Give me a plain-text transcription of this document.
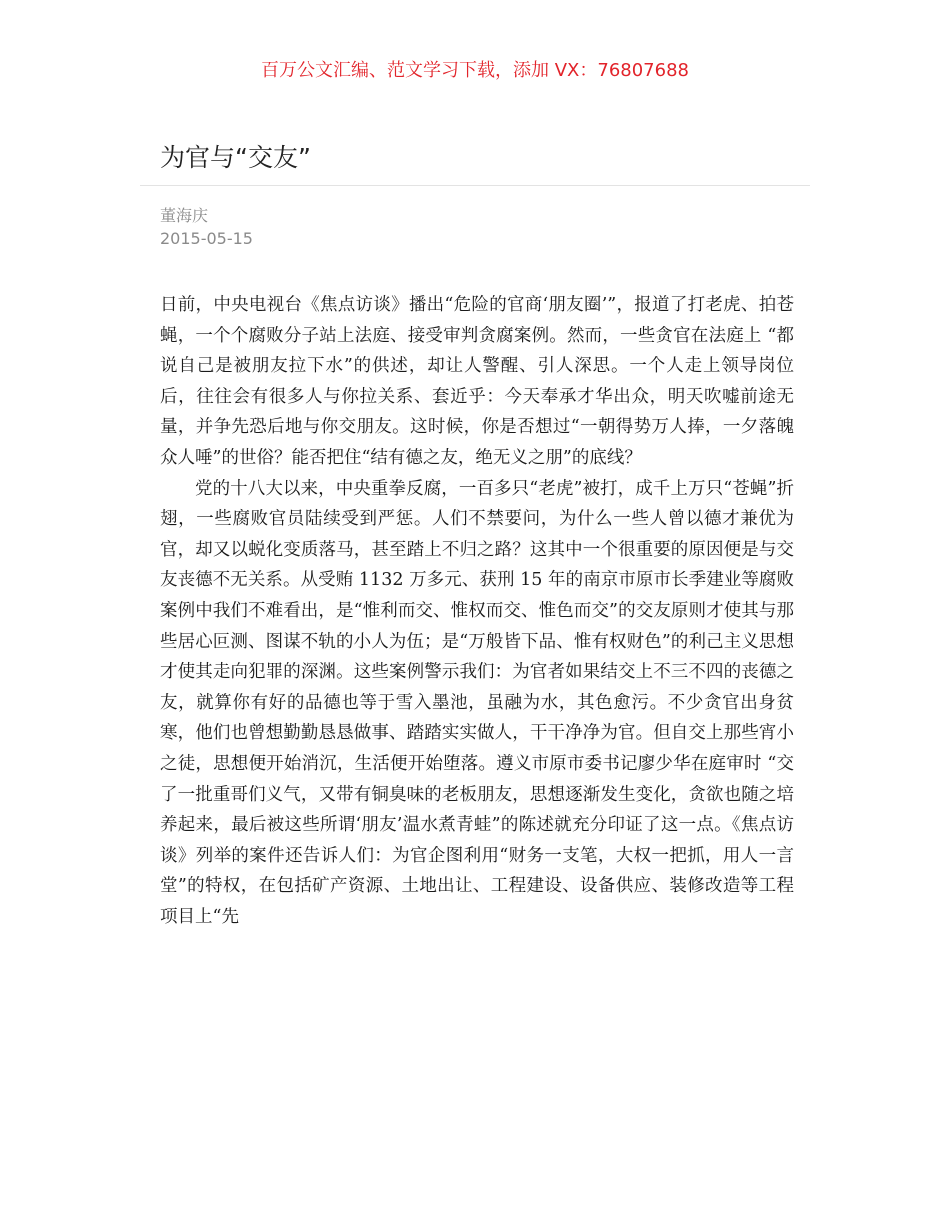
百万公文汇编、范文学习下载，添加 VX：76807688
为官与“交友”
董海庆
2015-05-15

日前，中央电视台《焦点访谈》播出“危险的官商‘朋友圈’”，报道了打老虎、拍苍蝇，一个个腐败分子站上法庭、接受审判贪腐案例。然而，一些贪官在法庭上 “都说自己是被朋友拉下水”的供述，却让人警醒、引人深思。一个人走上领导岗位后，往往会有很多人与你拉关系、套近乎：今天奉承才华出众，明天吹嘘前途无量，并争先恐后地与你交朋友。这时候，你是否想过“一朝得势万人捧，一夕落魄众人唾”的世俗？能否把住“结有德之友，绝无义之朋”的底线？

党的十八大以来，中央重拳反腐，一百多只“老虎”被打，成千上万只“苍蝇”折翅，一些腐败官员陆续受到严惩。人们不禁要问，为什么一些人曾以德才兼优为官，却又以蜕化变质落马，甚至踏上不归之路？这其中一个很重要的原因便是与交友丧德不无关系。从受贿 1132 万多元、获刑 15 年的南京市原市长季建业等腐败案例中我们不难看出，是“惟利而交、惟权而交、惟色而交”的交友原则才使其与那些居心叵测、图谋不轨的小人为伍；是“万般皆下品、惟有权财色”的利己主义思想才使其走向犯罪的深渊。这些案例警示我们：为官者如果结交上不三不四的丧德之友，就算你有好的品德也等于雪入墨池，虽融为水，其色愈污。不少贪官出身贫寒，他们也曾想勤勤恳恳做事、踏踏实实做人，干干净净为官。但自交上那些宵小之徒，思想便开始消沉，生活便开始堕落。遵义市原市委书记廖少华在庭审时 “交了一批重哥们义气，又带有铜臭味的老板朋友，思想逐渐发生变化，贪欲也随之培养起来，最后被这些所谓‘朋友’温水煮青蛙”的陈述就充分印证了这一点。《焦点访谈》列举的案件还告诉人们：为官企图利用“财务一支笔，大权一把抓，用人一言堂”的特权，在包括矿产资源、土地出让、工程建设、设备供应、装修改造等工程项目上“先
